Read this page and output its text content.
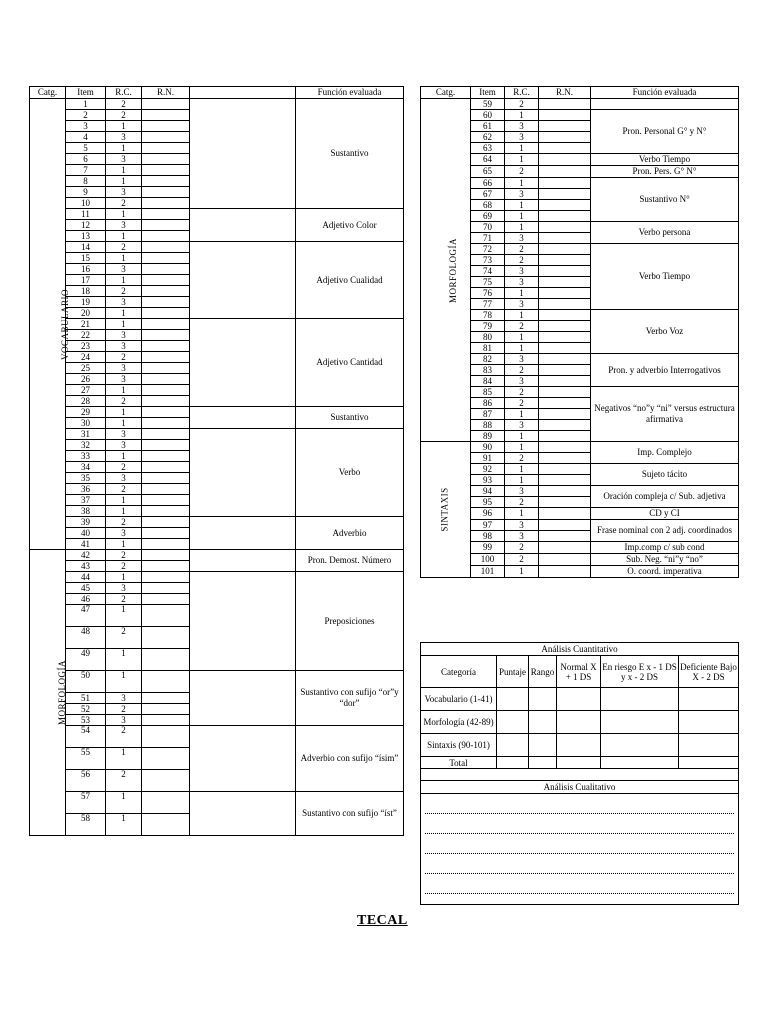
Catg.	Item	R.C.	R.N.		Función evaluada
VOCABULARIO	1	2			Sustantivo
	2	2			
	3	1			
	4	3			
	5	1			
	6	3			
	7	1			
	8	1			
	9	3			
	10	2			
	11	1			Adjetivo Color
	12	3			
	13	1			
	14	2			Adjetivo Cualidad
	15	1			
	16	3			
	17	1			
	18	2			
	19	3			
	20	1			
	21	1			Adjetivo Cantidad
	22	3			
	23	3			
	24	2			
	25	3			
	26	3			
	27	1			
	28	2			
	29	1			Sustantivo
	30	1			
	31	3			Verbo
	32	3			
	33	1			
	34	2			
	35	3			
	36	2			
	37	1			
	38	1			
	39	2			Adverbio
	40	3			
	41	1			
MORFOLOGÍA	42	2			Pron. Demost. Número
	43	2			
	44	1			Preposiciones
	45	3			
	46	2			
	47	1			
	48	2			
	49	1			
	50	1			Sustantivo con sufijo “or”y “dor”
	51	3			
	52	2			
	53	3			
	54	2			Adverbio con sufijo “ísim”
	55	1			
	56	2			
	57	1			Sustantivo con sufijo “íst”
	58	1			
Catg.	Item	R.C.	R.N.	Función evaluada
MORFOLOGÍA	59	2		
	60	1		Pron. Personal G° y N°
	61	3		
	62	3		
	63	1		
	64	1		Verbo Tiempo
	65	2		Pron. Pers. G° N°
	66	1		Sustantivo N°
	67	3		
	68	1		
	69	1		
	70	1		Verbo persona
	71	3		
	72	2		Verbo Tiempo
	73	2		
	74	3		
	75	3		
	76	1		
	77	3		
	78	1		Verbo Voz
	79	2		
	80	1		
	81	1		
	82	3		Pron. y adverbio Interrogativos
	83	2		
	84	3		
	85	2		Negativos “no”y “ni” versus estructura afirmativa
	86	2		
	87	1		
	88	3		
	89	1		
SINTAXIS	90	1		Imp. Complejo
	91	2		
	92	1		Sujeto tácito
	93	1		
	94	3		Oración compleja c/ Sub. adjetiva
	95	2		
	96	1		CD y CI
	97	3		Frase nominal con 2 adj. coordinados
	98	3		
	99	2		Imp.comp c/ sub cond
	100	2		Sub. Neg. “ni”y “no”
	101	1		O. coord. imperativa
Análisis Cuantitativo					
Categoría	Puntaje	Rango	Normal X + 1 DS	En riesgo E x - 1 DS y x - 2 DS	Deficiente Bajo X - 2 DS
Vocabulario (1-41)					
Morfología (42-89)					
Sintaxis (90-101)					
Total					

Análisis Cualitativo					

TECAL
